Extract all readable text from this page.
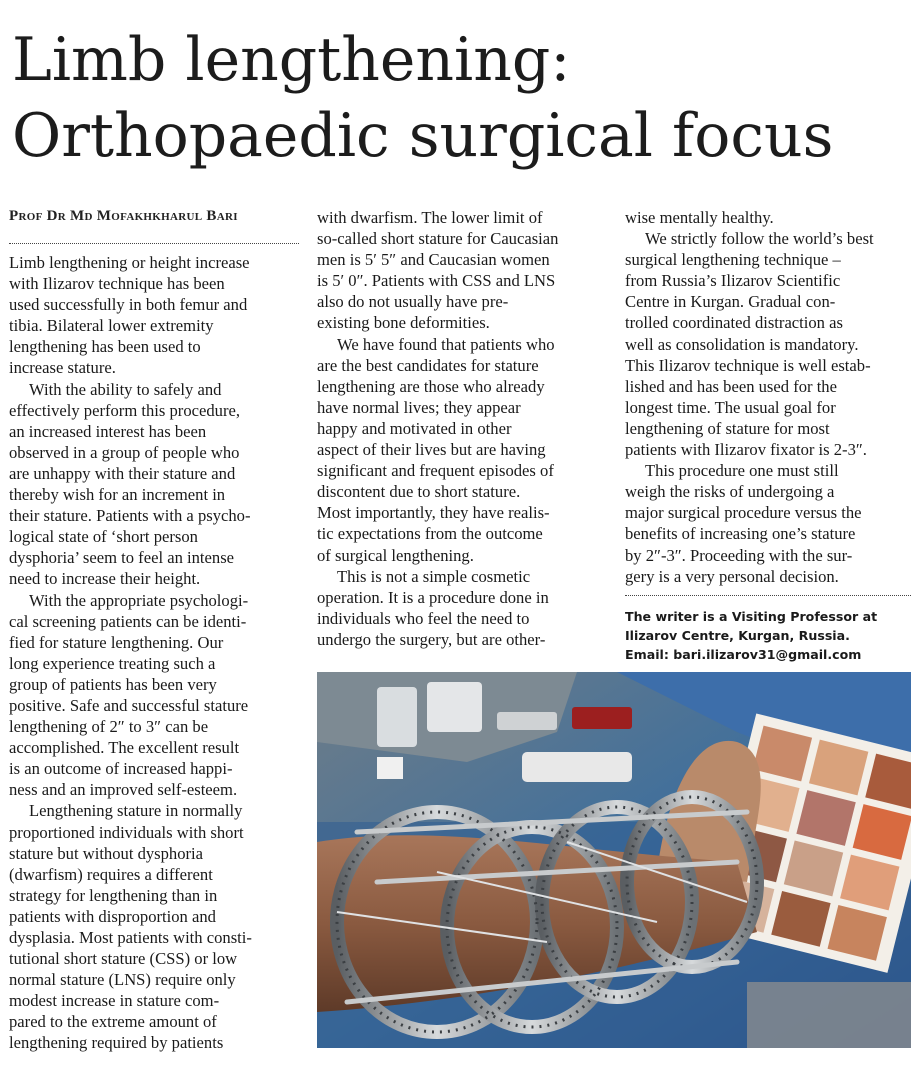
Limb lengthening:
Orthopaedic surgical focus
Prof Dr Md Mofakhkharul Bari

Limb lengthening or height increase
with Ilizarov technique has been
used successfully in both femur and
tibia. Bilateral lower extremity
lengthening has been used to
increase stature.

With the ability to safely and
effectively perform this procedure,
an increased interest has been
observed in a group of people who
are unhappy with their stature and
thereby wish for an increment in
their stature. Patients with a psycho-
logical state of ‘short person
dysphoria’ seem to feel an intense
need to increase their height.

With the appropriate psychologi-
cal screening patients can be identi-
fied for stature lengthening. Our
long experience treating such a
group of patients has been very
positive. Safe and successful stature
lengthening of 2″ to 3″ can be
accomplished. The excellent result
is an outcome of increased happi-
ness and an improved self-esteem.

Lengthening stature in normally
proportioned individuals with short
stature but without dysphoria
(dwarfism) requires a different
strategy for lengthening than in
patients with disproportion and
dysplasia. Most patients with consti-
tutional short stature (CSS) or low
normal stature (LNS) require only
modest increase in stature com-
pared to the extreme amount of
lengthening required by patients

with dwarfism. The lower limit of
so-called short stature for Caucasian
men is 5′ 5″ and Caucasian women
is 5′ 0″. Patients with CSS and LNS
also do not usually have pre-
existing bone deformities.

We have found that patients who
are the best candidates for stature
lengthening are those who already
have normal lives; they appear
happy and motivated in other
aspect of their lives but are having
significant and frequent episodes of
discontent due to short stature.
Most importantly, they have realis-
tic expectations from the outcome
of surgical lengthening.

This is not a simple cosmetic
operation. It is a procedure done in
individuals who feel the need to
undergo the surgery, but are other-

wise mentally healthy.

We strictly follow the world’s best
surgical lengthening technique –
from Russia’s Ilizarov Scientific
Centre in Kurgan. Gradual con-
trolled coordinated distraction as
well as consolidation is mandatory.
This Ilizarov technique is well estab-
lished and has been used for the
longest time. The usual goal for
lengthening of stature for most
patients with Ilizarov fixator is 2-3″.

This procedure one must still
weigh the risks of undergoing a
major surgical procedure versus the
benefits of increasing one’s stature
by 2″-3″. Proceeding with the sur-
gery is a very personal decision.

The writer is a Visiting Professor at
Ilizarov Centre, Kurgan, Russia.
Email: bari.ilizarov31@gmail.com
